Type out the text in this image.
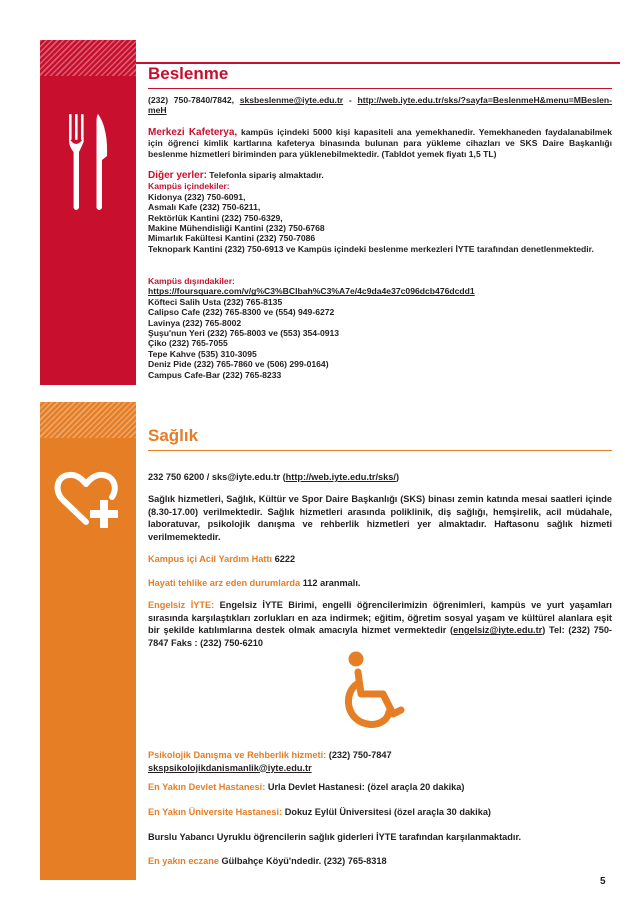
Beslenme
(232) 750-7840/7842, sksbeslenme@iyte.edu.tr - http://web.iyte.edu.tr/sks/?sayfa=BeslenmeH&menu=MBeslen-meH
Merkezi Kafeterya, kampüs içindeki 5000 kişi kapasiteli ana yemekhanedir. Yemekhaneden faydalanabilmek için öğrenci kimlik kartlarına kafeterya binasında bulunan para yükleme cihazları ve SKS Daire Başkanlığı beslenme hizmetleri biriminden para yüklenebilmektedir. (Tabldot yemek fiyatı 1,5 TL)
Diğer yerler: Telefonla sipariş almaktadır.
Kampüs içindekiler:
Kidonya (232) 750-6091,
Asmalı Kafe (232) 750-6211,
Rektörlük Kantini (232) 750-6329,
Makine Mühendisliği Kantini (232) 750-6768
Mimarlık Fakültesi Kantini (232) 750-7086
Teknopark Kantini (232) 750-6913 ve Kampüs içindeki beslenme merkezleri İYTE tarafından denetlenmektedir.
Kampüs dışındakiler:
https://foursquare.com/v/g%C3%BClbah%C3%A7e/4c9da4e37c096dcb476dcdd1
Köfteci Salih Usta (232) 765-8135
Calipso Cafe (232) 765-8300 ve (554) 949-6272
Lavinya (232) 765-8002
Şuşu'nun Yeri (232) 765-8003 ve (553) 354-0913
Çiko (232) 765-7055
Tepe Kahve (535) 310-3095
Deniz Pide (232) 765-7860 ve (506) 299-0164)
Campus Cafe-Bar (232) 765-8233
Sağlık
232 750 6200 / sks@iyte.edu.tr (http://web.iyte.edu.tr/sks/)
Sağlık hizmetleri, Sağlık, Kültür ve Spor Daire Başkanlığı (SKS) binası zemin katında mesai saatleri içinde (8.30-17.00) verilmektedir. Sağlık hizmetleri arasında poliklinik, diş sağlığı, hemşirelik, acil müdahale, laboratuvar, psikolojik danışma ve rehberlik hizmetleri yer almaktadır. Haftasonu sağlık hizmeti verilmemektedir.
Kampus içi Acil Yardım Hattı 6222
Hayati tehlike arz eden durumlarda 112 aranmalı.
Engelsiz İYTE: Engelsiz İYTE Birimi, engelli öğrencilerimizin öğrenimleri, kampüs ve yurt yaşamları sırasında karşılaştıkları zorlukları en aza indirmek; eğitim, öğretim sosyal yaşam ve kültürel alanlara eşit bir şekilde katılımlarına destek olmak amacıyla hizmet vermektedir (engelsiz@iyte.edu.tr) Tel: (232) 750-7847 Faks : (232) 750-6210
Psikolojik Danışma ve Rehberlik hizmeti: (232) 750-7847
skspsikolojikdanismanlik@iyte.edu.tr
En Yakın Devlet Hastanesi: Urla Devlet Hastanesi: (özel araçla 20 dakika)
En Yakın Üniversite Hastanesi: Dokuz Eylül Üniversitesi (özel araçla 30 dakika)
Burslu Yabancı Uyruklu öğrencilerin sağlık giderleri İYTE tarafından karşılanmaktadır.
En yakın eczane Gülbahçe Köyü'ndedir. (232) 765-8318
5
